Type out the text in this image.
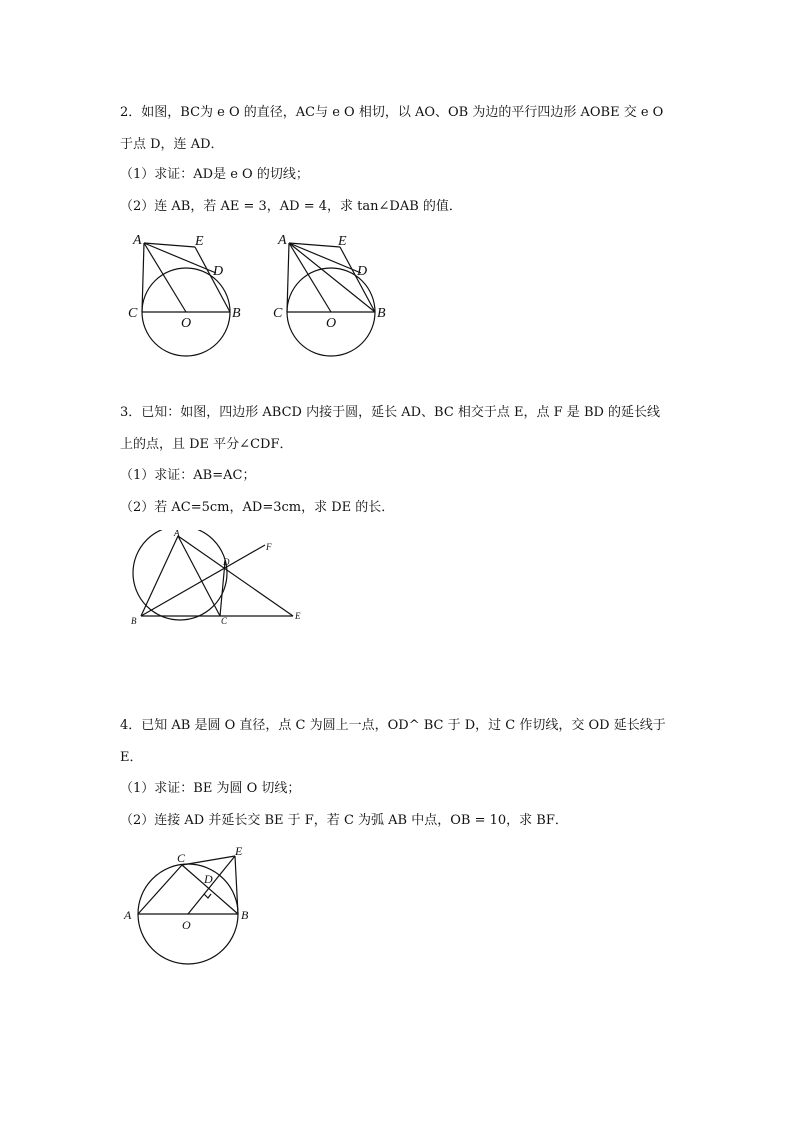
2．如图，BC为 e O 的直径，AC与 e O 相切，以 AO、OB 为边的平行四边形 AOBE 交 e O
于点 D，连 AD．
（1）求证：AD是 e O 的切线；
（2）连 AB，若 AE = 3，AD = 4，求 tan∠DAB 的值．
A	E
D
C
O
B
A	E
D
C
O
B
3．已知：如图，四边形 ABCD 内接于圆，延长 AD、BC 相交于点 E，点 F 是 BD 的延长线
上的点，且 DE 平分∠CDF．
（1）求证：AB=AC；
（2）若 AC=5cm，AD=3cm，求 DE 的长．
A
F
D
B	C	E
4．已知 AB 是圆 O 直径，点 C 为圆上一点，OD^ BC 于 D，过 C 作切线，交 OD 延长线于
E．
（1）求证：BE 为圆 O 切线；
（2）连接 AD 并延长交 BE 于 F，若 C 为弧 AB 中点，OB = 10，求 BF．
C	E
D
A
O
B
